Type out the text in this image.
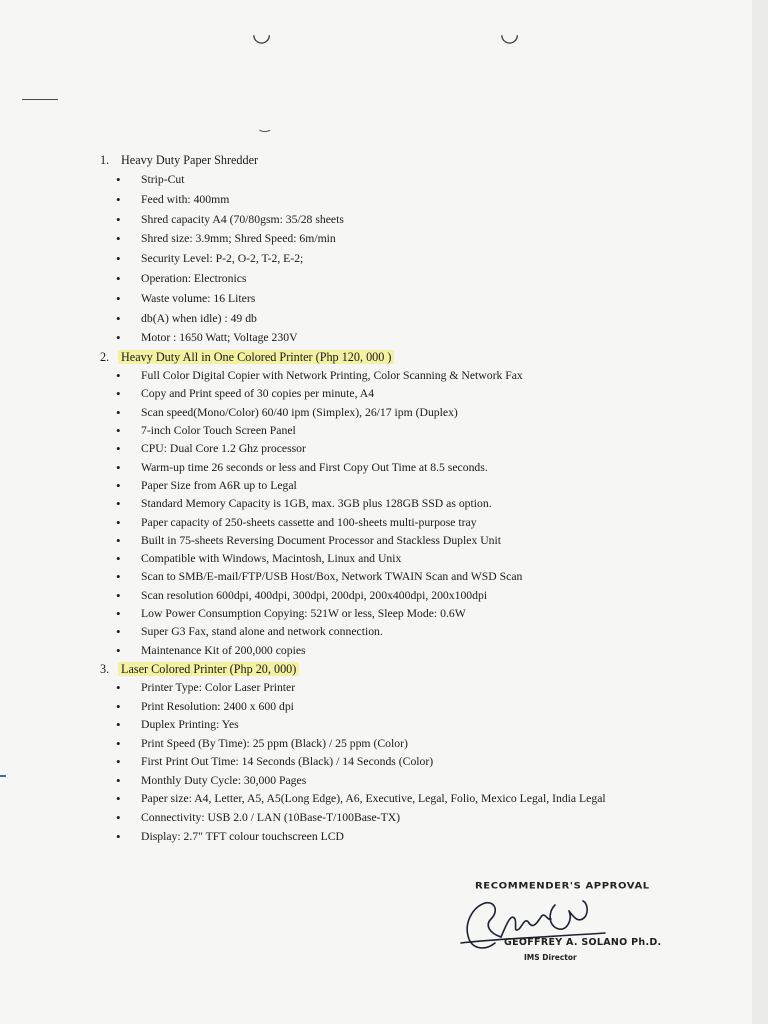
―――
◡	◡
‿
1. Heavy Duty Paper Shredder
• Strip-Cut
• Feed with: 400mm
• Shred capacity A4 (70/80gsm: 35/28 sheets
• Shred size: 3.9mm; Shred Speed: 6m/min
• Security Level: P-2, O-2, T-2, E-2;
• Operation: Electronics
• Waste volume: 16 Liters
• db(A) when idle) : 49 db
• Motor : 1650 Watt; Voltage 230V
2. Heavy Duty All in One Colored Printer (Php 120, 000 )
• Full Color Digital Copier with Network Printing, Color Scanning & Network Fax
• Copy and Print speed of 30 copies per minute, A4
• Scan speed(Mono/Color) 60/40 ipm (Simplex), 26/17 ipm (Duplex)
• 7-inch Color Touch Screen Panel
• CPU: Dual Core 1.2 Ghz processor
• Warm-up time 26 seconds or less and First Copy Out Time at 8.5 seconds.
• Paper Size from A6R up to Legal
• Standard Memory Capacity is 1GB, max. 3GB plus 128GB SSD as option.
• Paper capacity of 250-sheets cassette and 100-sheets multi-purpose tray
• Built in 75-sheets Reversing Document Processor and Stackless Duplex Unit
• Compatible with Windows, Macintosh, Linux and Unix
• Scan to SMB/E-mail/FTP/USB Host/Box, Network TWAIN Scan and WSD Scan
• Scan resolution 600dpi, 400dpi, 300dpi, 200dpi, 200x400dpi, 200x100dpi
• Low Power Consumption Copying: 521W or less, Sleep Mode: 0.6W
• Super G3 Fax, stand alone and network connection.
• Maintenance Kit of 200,000 copies
3. Laser Colored Printer (Php 20, 000)
• Printer Type: Color Laser Printer
• Print Resolution: 2400 x 600 dpi
• Duplex Printing: Yes
• Print Speed (By Time): 25 ppm (Black) / 25 ppm (Color)
• First Print Out Time: 14 Seconds (Black) / 14 Seconds (Color)
• Monthly Duty Cycle: 30,000 Pages
• Paper size: A4, Letter, A5, A5(Long Edge), A6, Executive, Legal, Folio, Mexico Legal, India Legal
• Connectivity: USB 2.0 / LAN (10Base-T/100Base-TX)
• Display: 2.7" TFT colour touchscreen LCD
RECOMMENDER'S APPROVAL
GEOFFREY A. SOLANO Ph.D.
IMS Director
